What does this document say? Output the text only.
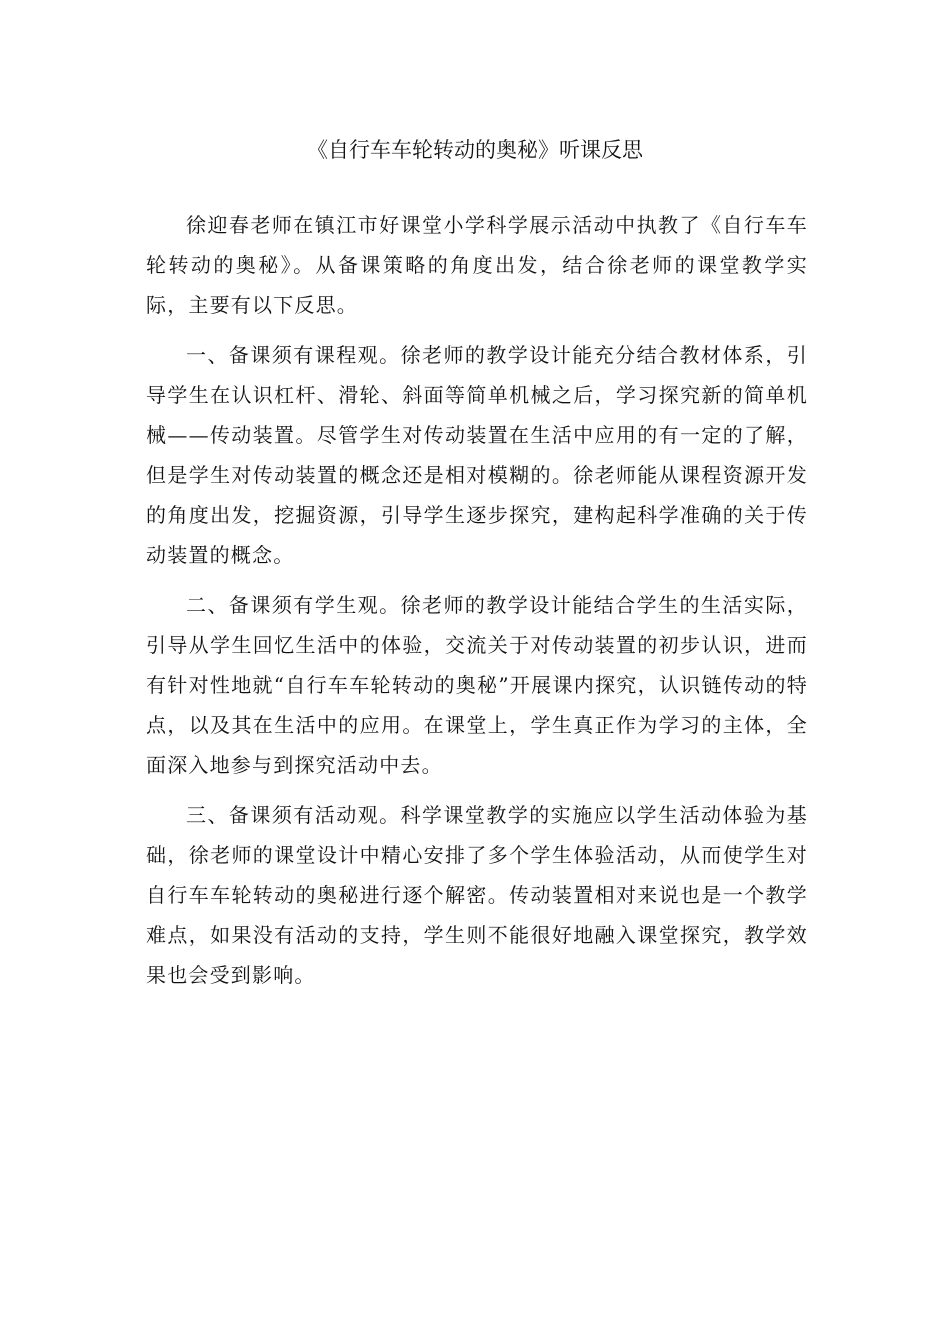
《自行车车轮转动的奥秘》听课反思

徐迎春老师在镇江市好课堂小学科学展示活动中执教了《自行车车轮转动的奥秘》。从备课策略的角度出发，结合徐老师的课堂教学实际，主要有以下反思。

一、备课须有课程观。徐老师的教学设计能充分结合教材体系，引导学生在认识杠杆、滑轮、斜面等简单机械之后，学习探究新的简单机械——传动装置。尽管学生对传动装置在生活中应用的有一定的了解，但是学生对传动装置的概念还是相对模糊的。徐老师能从课程资源开发的角度出发，挖掘资源，引导学生逐步探究，建构起科学准确的关于传动装置的概念。

二、备课须有学生观。徐老师的教学设计能结合学生的生活实际，引导从学生回忆生活中的体验，交流关于对传动装置的初步认识，进而有针对性地就“自行车车轮转动的奥秘”开展课内探究，认识链传动的特点，以及其在生活中的应用。在课堂上，学生真正作为学习的主体，全面深入地参与到探究活动中去。

三、备课须有活动观。科学课堂教学的实施应以学生活动体验为基础，徐老师的课堂设计中精心安排了多个学生体验活动，从而使学生对自行车车轮转动的奥秘进行逐个解密。传动装置相对来说也是一个教学难点，如果没有活动的支持，学生则不能很好地融入课堂探究，教学效果也会受到影响。
